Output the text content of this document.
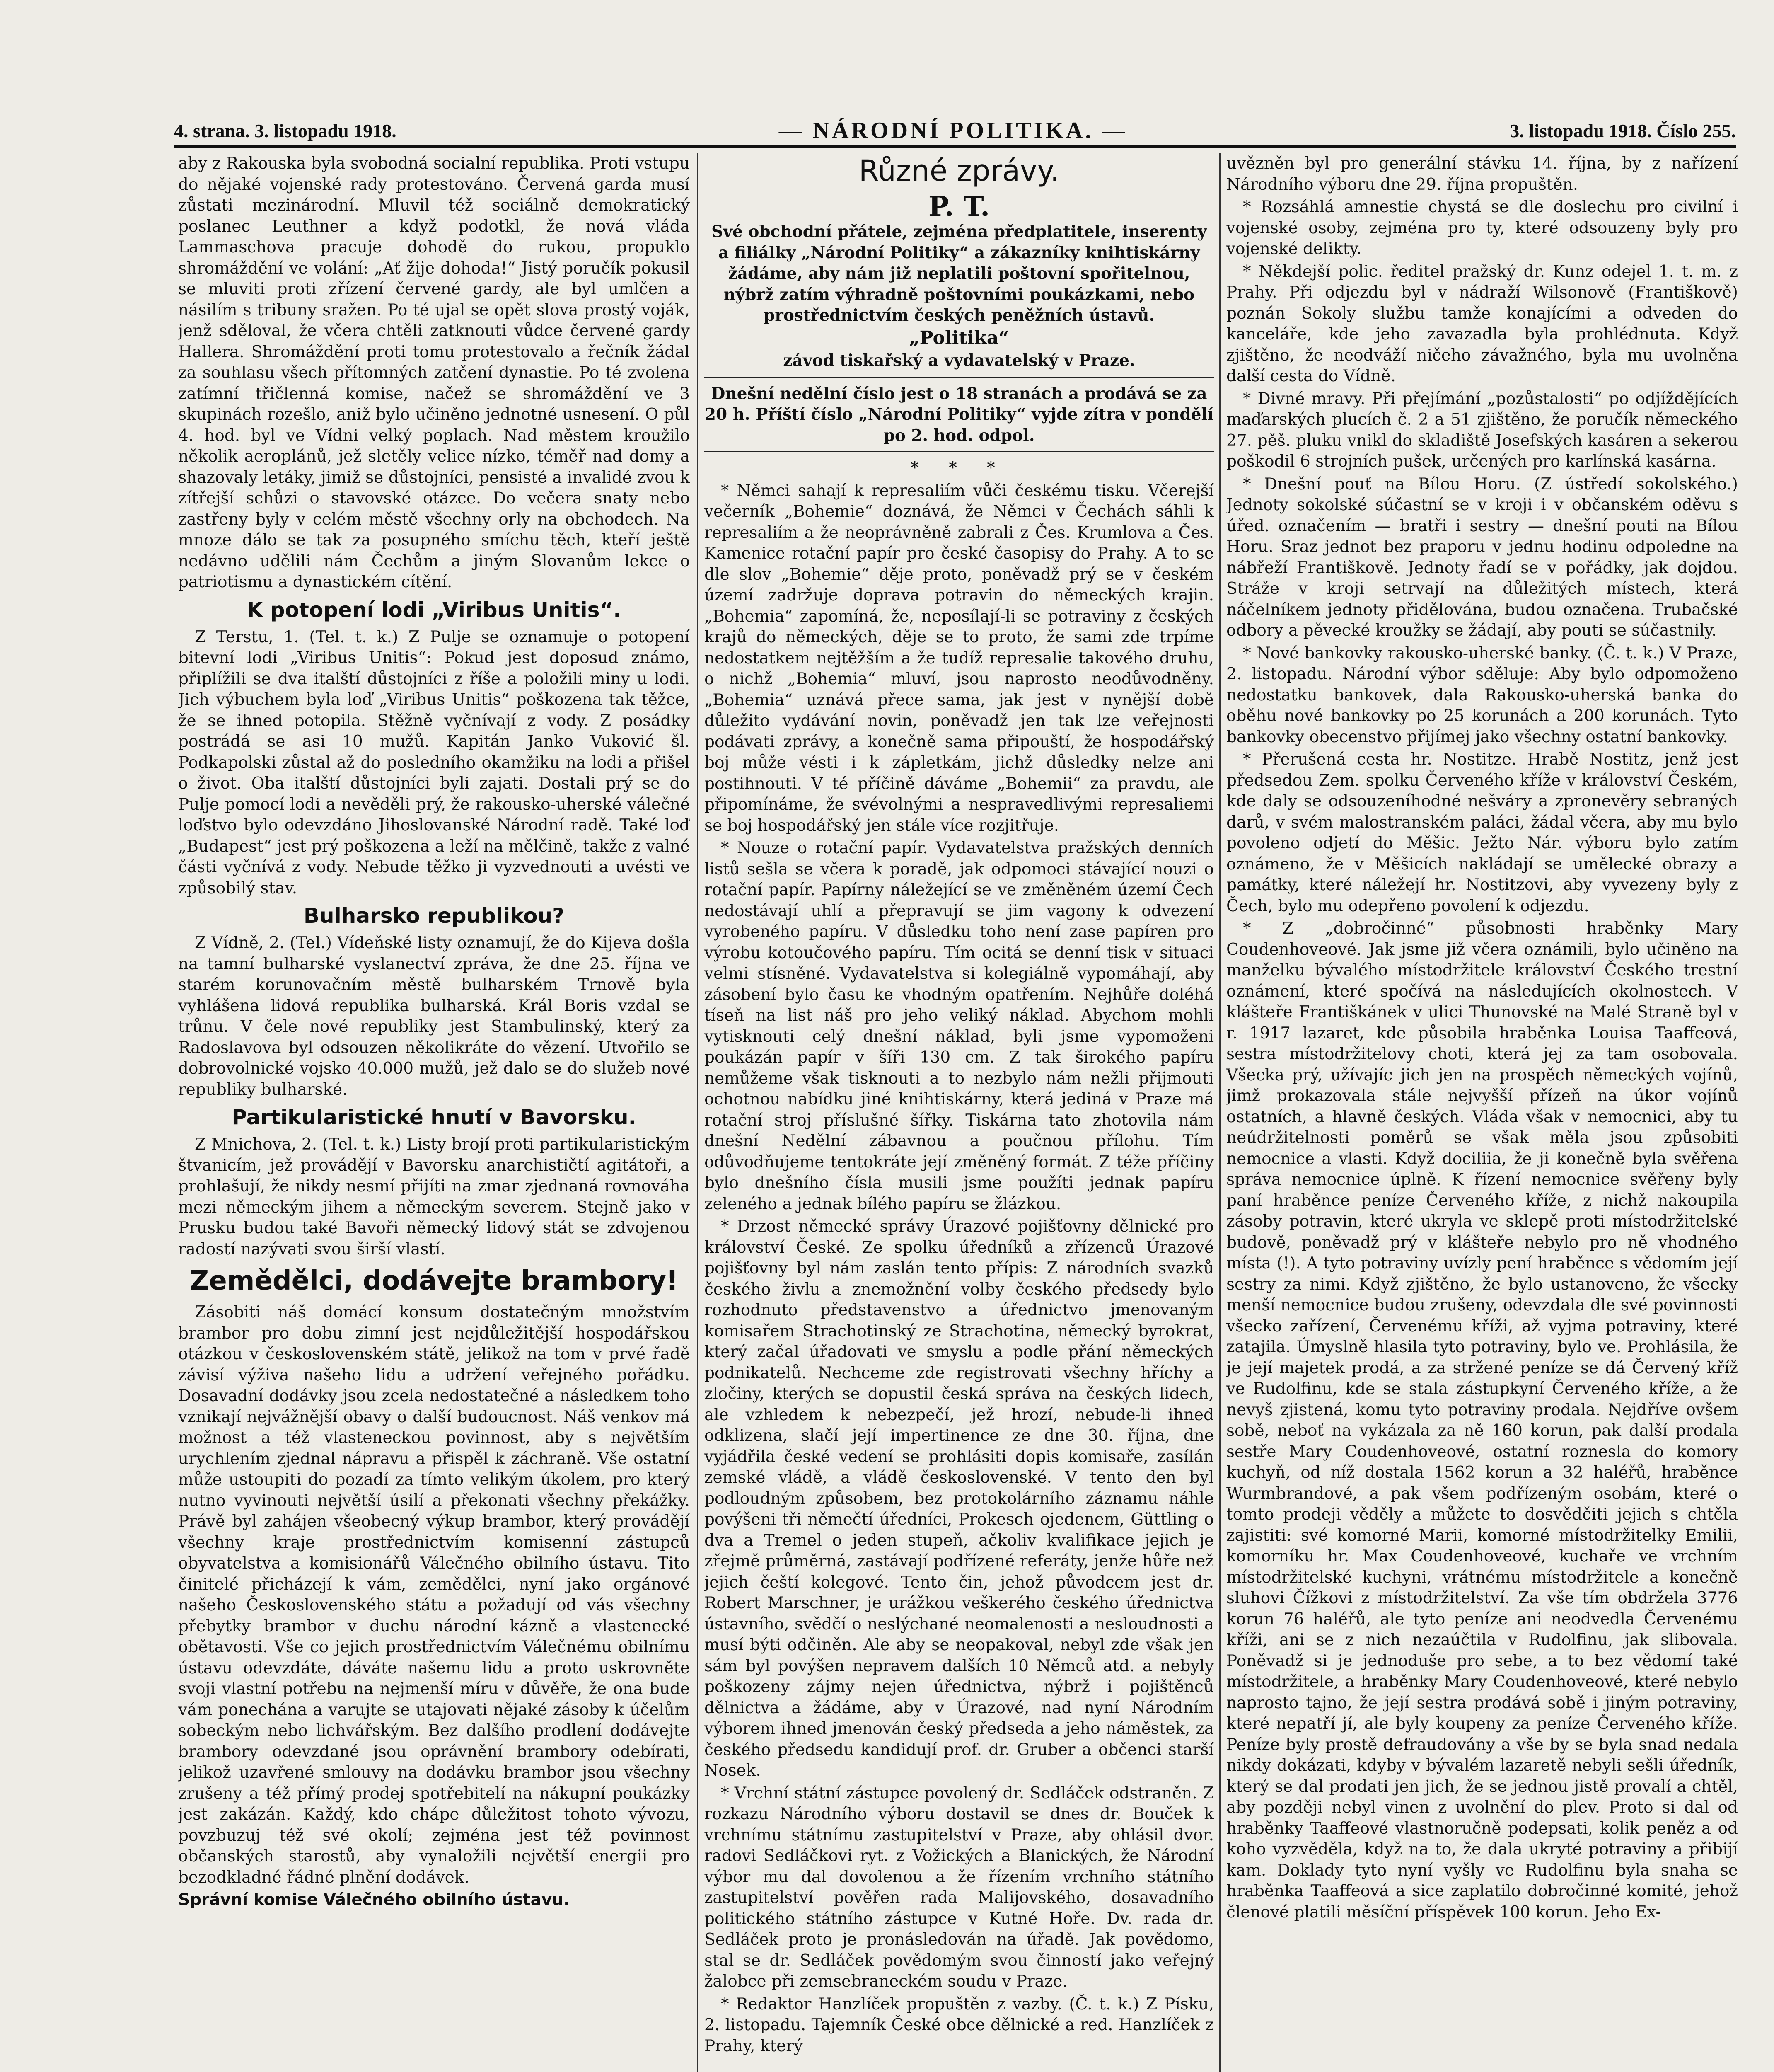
4. strana. 3. listopadu 1918.	— NÁRODNÍ POLITIKA. —	3. listopadu 1918. Číslo 255.

aby z Rakouska byla svobodná socialní republika. Proti vstupu do nějaké vojenské rady protestováno. Červená garda musí zůstati mezinárodní. Mluvil též sociálně demokratický poslanec Leuthner a když podotkl, že nová vláda Lammaschova pracuje dohodě do rukou, propuklo shromáždění ve volání: „Ať žije dohoda!“ Jistý poručík pokusil se mluviti proti zřízení červené gardy, ale byl umlčen a násilím s tribuny sražen. Po té ujal se opět slova prostý voják, jenž sděloval, že včera chtěli zatknouti vůdce červené gardy Hallera. Shromáždění proti tomu protestovalo a řečník žádal za souhlasu všech přítomných zatčení dynastie. Po té zvolena zatímní třičlenná komise, načež se shromáždění ve 3 skupinách rozešlo, aniž bylo učiněno jednotné usnesení. O půl 4. hod. byl ve Vídni velký poplach. Nad městem kroužilo několik aeroplánů, jež sletěly velice nízko, téměř nad domy a shazovaly letáky, jimiž se důstojníci, pensisté a invalidé zvou k zítřejší schůzi o stavovské otázce. Do večera snaty nebo zastřeny byly v celém městě všechny orly na obchodech. Na mnoze dálo se tak za posupného smíchu těch, kteří ještě nedávno udělili nám Čechům a jiným Slovanům lekce o patriotismu a dynastickém cítění.

K potopení lodi „Viribus Unitis“.

Z Terstu, 1. (Tel. t. k.) Z Pulje se oznamuje o potopení bitevní lodi „Viribus Unitis“: Pokud jest doposud známo, připlížili se dva italští důstojníci z říše a položili miny u lodi. Jich výbuchem byla loď „Viribus Unitis“ poškozena tak těžce, že se ihned potopila. Stěžně vyčnívají z vody. Z posádky postrádá se asi 10 mužů. Kapitán Janko Vuković šl. Podkapolski zůstal až do posledního okamžiku na lodi a přišel o život. Oba italští důstojníci byli zajati. Dostali prý se do Pulje pomocí lodi a nevěděli prý, že rakousko-uherské válečné loďstvo bylo odevzdáno Jihoslovanské Národní radě. Také loď „Budapest“ jest prý poškozena a leží na mělčině, takže z valné části vyčnívá z vody. Nebude těžko ji vyzvednouti a uvésti ve způsobilý stav.

Bulharsko republikou?

Z Vídně, 2. (Tel.) Vídeňské listy oznamují, že do Kijeva došla na tamní bulharské vyslanectví zpráva, že dne 25. října ve starém korunovačním městě bulharském Trnově byla vyhlášena lidová republika bulharská. Král Boris vzdal se trůnu. V čele nové republiky jest Stambulinský, který za Radoslavova byl odsouzen několikráte do vězení. Utvořilo se dobrovolnické vojsko 40.000 mužů, jež dalo se do služeb nové republiky bulharské.

Partikularistické hnutí v Bavorsku.

Z Mnichova, 2. (Tel. t. k.) Listy brojí proti partikularistickým štvanicím, jež provádějí v Bavorsku anarchističtí agitátoři, a prohlašují, že nikdy nesmí přijíti na zmar zjednaná rovnováha mezi německým jihem a německým severem. Stejně jako v Prusku budou také Bavoři německý lidový stát se zdvojenou radostí nazývati svou širší vlastí.

Zemědělci, dodávejte brambory!

Zásobiti náš domácí konsum dostatečným množstvím brambor pro dobu zimní jest nejdůležitější hospodářskou otázkou v československém státě, jelikož na tom v prvé řadě závisí výživa našeho lidu a udržení veřejného pořádku. Dosavadní dodávky jsou zcela nedostatečné a následkem toho vznikají nejvážnější obavy o další budoucnost. Náš venkov má možnost a též vlasteneckou povinnost, aby s největším urychlením zjednal nápravu a přispěl k záchraně. Vše ostatní může ustoupiti do pozadí za tímto velikým úkolem, pro který nutno vyvinouti největší úsilí a překonati všechny překážky. Právě byl zahájen všeobecný výkup brambor, který provádějí všechny kraje prostřednictvím komisenní zástupců obyvatelstva a komisionářů Válečného obilního ústavu. Tito činitelé přicházejí k vám, zemědělci, nyní jako orgánové našeho Československého státu a požadují od vás všechny přebytky brambor v duchu národní kázně a vlastenecké obětavosti. Vše co jejich prostřednictvím Válečnému obilnímu ústavu odevzdáte, dáváte našemu lidu a proto uskrovněte svoji vlastní potřebu na nejmenší míru v důvěře, že ona bude vám ponechána a varujte se utajovati nějaké zásoby k účelům sobeckým nebo lichvářským. Bez dalšího prodlení dodávejte brambory odevzdané jsou oprávnění brambory odebírati, jelikož uzavřené smlouvy na dodávku brambor jsou všechny zrušeny a též přímý prodej spotřebitelí na nákupní poukázky jest zakázán. Každý, kdo chápe důležitost tohoto vývozu, povzbuzuj též své okolí; zejména jest též povinnost občanských starostů, aby vynaložili největší energii pro bezodkladné řádné plnění dodávek.

Správní komise Válečného obilního ústavu.

Různé zprávy.
P. T.

Své obchodní přátele, zejména předplatitele, inserenty a filiálky „Národní Politiky“ a zákazníky knihtiskárny žádáme, aby nám již neplatili poštovní spořitelnou, nýbrž zatím výhradně poštovními poukázkami, nebo prostřednictvím českých peněžních ústavů.

„Politika“

závod tiskařský a vydavatelský v Praze.

Dnešní nedělní číslo jest o 18 stranách a prodává se za 20 h. Příští číslo „Národní Politiky“ vyjde zítra v pondělí po 2. hod. odpol.
* * *

* Němci sahají k represaliím vůči českému tisku. Včerejší večerník „Bohemie“ doznává, že Němci v Čechách sáhli k represaliím a že neoprávněně zabrali z Čes. Krumlova a Čes. Kamenice rotační papír pro české časopisy do Prahy. A to se dle slov „Bohemie“ děje proto, poněvadž prý se v českém území zadržuje doprava potravin do německých krajin. „Bohemia“ zapomíná, že, neposílají-li se potraviny z českých krajů do německých, děje se to proto, že sami zde trpíme nedostatkem nejtěžším a že tudíž represalie takového druhu, o nichž „Bohemia“ mluví, jsou naprosto neodůvodněny. „Bohemia“ uznává přece sama, jak jest v nynější době důležito vydávání novin, poněvadž jen tak lze veřejnosti podávati zprávy, a konečně sama připouští, že hospodářský boj může vésti i k zápletkám, jichž důsledky nelze ani postihnouti. V té příčině dáváme „Bohemii“ za pravdu, ale připomínáme, že svévolnými a nespravedlivými represaliemi se boj hospodářský jen stále více rozjitřuje.

* Nouze o rotační papír. Vydavatelstva pražských denních listů sešla se včera k poradě, jak odpomoci stávající nouzi o rotační papír. Papírny náležející se ve změněném území Čech nedostávají uhlí a přepravují se jim vagony k odvezení vyrobeného papíru. V důsledku toho není zase papíren pro výrobu kotoučového papíru. Tím ocitá se denní tisk v situaci velmi stísněné. Vydavatelstva si kolegiálně vypomáhají, aby zásobení bylo času ke vhodným opatřením. Nejhůře doléhá tíseň na list náš pro jeho veliký náklad. Abychom mohli vytisknouti celý dnešní náklad, byli jsme vypomoženi poukázán papír v šíři 130 cm. Z tak širokého papíru nemůžeme však tisknouti a to nezbylo nám nežli přijmouti ochotnou nabídku jiné knihtiskárny, která jediná v Praze má rotační stroj příslušné šířky. Tiskárna tato zhotovila nám dnešní Nedělní zábavnou a poučnou přílohu. Tím odůvodňujeme tentokráte její změněný formát. Z téže příčiny bylo dnešního čísla musili jsme použíti jednak papíru zeleného a jednak bílého papíru se žlázkou.

* Drzost německé správy Úrazové pojišťovny dělnické pro království České. Ze spolku úředníků a zřízenců Úrazové pojišťovny byl nám zaslán tento přípis: Z národních svazků českého živlu a znemožnění volby českého předsedy bylo rozhodnuto představenstvo a úřednictvo jmenovaným komisařem Strachotinský ze Strachotina, německý byrokrat, který začal úřadovati ve smyslu a podle přání německých podnikatelů. Nechceme zde registrovati všechny hříchy a zločiny, kterých se dopustil česká správa na českých lidech, ale vzhledem k nebezpečí, jež hrozí, nebude-li ihned odklizena, slačí její impertinence ze dne 30. října, dne vyjádřila české vedení se prohlásiti dopis komisaře, zasílán zemské vládě, a vládě československé. V tento den byl podloudným způsobem, bez protokolárního záznamu náhle povýšeni tři němečtí úředníci, Prokesch ojedenem, Güttling o dva a Tremel o jeden stupeň, ačkoliv kvalifikace jejich je zřejmě průměrná, zastávají podřízené referáty, jenže hůře než jejich čeští kolegové. Tento čin, jehož původcem jest dr. Robert Marschner, je urážkou veškerého českého úřednictva ústavního, svědčí o neslýchané neomalenosti a nesloudnosti a musí býti odčiněn. Ale aby se neopakoval, nebyl zde však jen sám byl povýšen nepravem dalších 10 Němců atd. a nebyly poškozeny zájmy nejen úřednictva, nýbrž i pojištěnců dělnictva a žádáme, aby v Úrazové, nad nyní Národním výborem ihned jmenován český předseda a jeho náměstek, za českého předsedu kandidují prof. dr. Gruber a občenci starší Nosek.

* Vrchní státní zástupce povolený dr. Sedláček odstraněn. Z rozkazu Národního výboru dostavil se dnes dr. Bouček k vrchnímu státnímu zastupitelství v Praze, aby ohlásil dvor. radovi Sedláčkovi ryt. z Vožických a Blanických, že Národní výbor mu dal dovolenou a že řízením vrchního státního zastupitelství pověřen rada Malijovského, dosavadního politického státního zástupce v Kutné Hoře. Dv. rada dr. Sedláček proto je pronásledován na úřadě. Jak povědomo, stal se dr. Sedláček povědomým svou činností jako veřejný žalobce při zemsebraneckém soudu v Praze.

* Redaktor Hanzlíček propuštěn z vazby. (Č. t. k.) Z Písku, 2. listopadu. Tajemník České obce dělnické a red. Hanzlíček z Prahy, který

uvězněn byl pro generální stávku 14. října, by z nařízení Národního výboru dne 29. října propuštěn.

* Rozsáhlá amnestie chystá se dle doslechu pro civilní i vojenské osoby, zejména pro ty, které odsouzeny byly pro vojenské delikty.

* Někdejší polic. ředitel pražský dr. Kunz odejel 1. t. m. z Prahy. Při odjezdu byl v nádraží Wilsonově (Františkově) poznán Sokoly službu tamže konajícími a odveden do kanceláře, kde jeho zavazadla byla prohlédnuta. Když zjištěno, že neodváží ničeho závažného, byla mu uvolněna další cesta do Vídně.

* Divné mravy. Při přejímání „pozůstalosti“ po odjíždějících maďarských plucích č. 2 a 51 zjištěno, že poručík německého 27. pěš. pluku vnikl do skladiště Josefských kasáren a sekerou poškodil 6 strojních pušek, určených pro karlínská kasárna.

* Dnešní pouť na Bílou Horu. (Z ústředí sokolského.) Jednoty sokolské súčastní se v kroji i v občanském oděvu s úřed. označením — bratři i sestry — dnešní pouti na Bílou Horu. Sraz jednot bez praporu v jednu hodinu odpoledne na nábřeží Františkově. Jednoty řadí se v pořádky, jak dojdou. Stráže v kroji setrvají na důležitých místech, která náčelníkem jednoty přidělována, budou označena. Trubačské odbory a pěvecké kroužky se žádají, aby pouti se súčastnily.

* Nové bankovky rakousko-uherské banky. (Č. t. k.) V Praze, 2. listopadu. Národní výbor sděluje: Aby bylo odpomoženo nedostatku bankovek, dala Rakousko-uherská banka do oběhu nové bankovky po 25 korunách a 200 korunách. Tyto bankovky obecenstvo přijímej jako všechny ostatní bankovky.

* Přerušená cesta hr. Nostitze. Hrabě Nostitz, jenž jest předsedou Zem. spolku Červeného kříže v království Českém, kde daly se odsouzeníhodné nešváry a zpronevěry sebraných darů, v svém malostranském paláci, žádal včera, aby mu bylo povoleno odjetí do Měšic. Ježto Nár. výboru bylo zatím oznámeno, že v Měšicích nakládají se umělecké obrazy a památky, které náležejí hr. Nostitzovi, aby vyvezeny byly z Čech, bylo mu odepřeno povolení k odjezdu.

* Z „dobročinné“ působnosti hraběnky Mary Coudenhoveové. Jak jsme již včera oznámili, bylo učiněno na manželku bývalého místodržitele království Českého trestní oznámení, které spočívá na následujících okolnostech. V klášteře Františkánek v ulici Thunovské na Malé Straně byl v r. 1917 lazaret, kde působila hraběnka Louisa Taaffeová, sestra místodržitelovy choti, která jej za tam osobovala. Všecka prý, užívajíc jich jen na prospěch německých vojínů, jimž prokazovala stále nejvyšší přízeň na úkor vojínů ostatních, a hlavně českých. Vláda však v nemocnici, aby tu neúdržitelnosti poměrů se však měla jsou způsobiti nemocnice a vlasti. Když dociliia, že ji konečně byla svěřena správa nemocnice úplně. K řízení nemocnice svěřeny byly paní hraběnce peníze Červeného kříže, z nichž nakoupila zásoby potravin, které ukryla ve sklepě proti místodržitelské budově, poněvadž prý v klášteře nebylo pro ně vhodného místa (!). A tyto potraviny uvízly pení hraběnce s vědomím její sestry za nimi. Když zjištěno, že bylo ustanoveno, že všecky menší nemocnice budou zrušeny, odevzdala dle své povinnosti všecko zařízení, Červenému kříži, až vyjma potraviny, které zatajila. Úmyslně hlasila tyto potraviny, bylo ve. Prohlásila, že je její majetek prodá, a za stržené peníze se dá Červený kříž ve Rudolfinu, kde se stala zástupkyní Červeného kříže, a že nevyš zjistená, komu tyto potraviny prodala. Nejdříve ovšem sobě, neboť na vykázala za ně 160 korun, pak další prodala sestře Mary Coudenhoveové, ostatní roznesla do komory kuchyň, od níž dostala 1562 korun a 32 haléřů, hraběnce Wurmbrandové, a pak všem podřízeným osobám, které o tomto prodeji věděly a můžete to dosvědčiti jejich s chtěla zajistiti: své komorné Marii, komorné místodržitelky Emilii, komorníku hr. Max Coudenhoveové, kuchaře ve vrchním místodržitelské kuchyni, vrátnému místodržitele a konečně sluhovi Čížkovi z místodržitelství. Za vše tím obdržela 3776 korun 76 haléřů, ale tyto peníze ani neodvedla Červenému kříži, ani se z nich nezaúčtila v Rudolfinu, jak slibovala. Poněvadž si je jednoduše pro sebe, a to bez vědomí také místodržitele, a hraběnky Mary Coudenhoveové, které nebylo naprosto tajno, že její sestra prodává sobě i jiným potraviny, které nepatří jí, ale byly koupeny za peníze Červeného kříže. Peníze byly prostě defraudovány a vše by se byla snad nedala nikdy dokázati, kdyby v bývalém lazaretě nebyli sešli úředník, který se dal prodati jen jich, že se jednou jistě provalí a chtěl, aby později nebyl vinen z uvolnění do plev. Proto si dal od hraběnky Taaffeové vlastnoručně podepsati, kolik peněz a od koho vyzvěděla, když na to, že dala ukryté potraviny a přibijí kam. Doklady tyto nyní vyšly ve Rudolfinu byla snaha se hraběnka Taaffeová a sice zaplatilo dobročinné komité, jehož členové platili měsíční příspěvek 100 korun. Jeho Ex-
